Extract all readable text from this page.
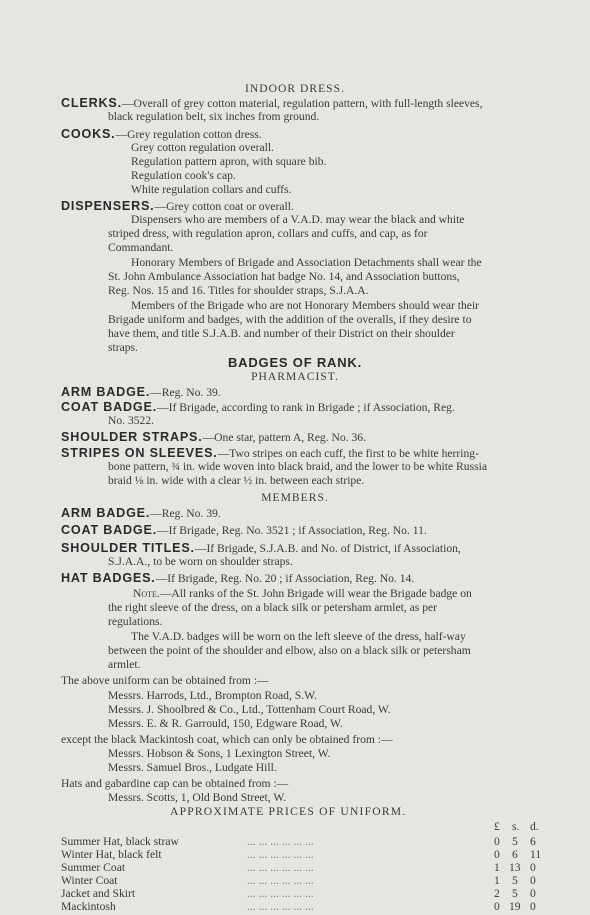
INDOOR DRESS.
CLERKS.—Overall of grey cotton material, regulation pattern, with full-length sleeves,
black regulation belt, six inches from ground.
COOKS.—Grey regulation cotton dress.
Grey cotton regulation overall.
Regulation pattern apron, with square bib.
Regulation cook's cap.
White regulation collars and cuffs.
DISPENSERS.—Grey cotton coat or overall.
Dispensers who are members of a V.A.D. may wear the black and white
striped dress, with regulation apron, collars and cuffs, and cap, as for
Commandant.
Honorary Members of Brigade and Association Detachments shall wear the
St. John Ambulance Association hat badge No. 14, and Association buttons,
Reg. Nos. 15 and 16. Titles for shoulder straps, S.J.A.A.
Members of the Brigade who are not Honorary Members should wear their
Brigade uniform and badges, with the addition of the overalls, if they desire to
have them, and title S.J.A.B. and number of their District on their shoulder
straps.
BADGES OF RANK.
PHARMACIST.
ARM BADGE.—Reg. No. 39.
COAT BADGE.—If Brigade, according to rank in Brigade ; if Association, Reg.
No. 3522.
SHOULDER STRAPS.—One star, pattern A, Reg. No. 36.
STRIPES ON SLEEVES.—Two stripes on each cuff, the first to be white herring-
bone pattern, ¾ in. wide woven into black braid, and the lower to be white Russia
braid ⅛ in. wide with a clear ½ in. between each stripe.
MEMBERS.
ARM BADGE.—Reg. No. 39.
COAT BADGE.—If Brigade, Reg. No. 3521 ; if Association, Reg. No. 11.
SHOULDER TITLES.—If Brigade, S.J.A.B. and No. of District, if Association,
S.J.A.A., to be worn on shoulder straps.
HAT BADGES.—If Brigade, Reg. No. 20 ; if Association, Reg. No. 14.
Note.—All ranks of the St. John Brigade will wear the Brigade badge on
the right sleeve of the dress, on a black silk or petersham armlet, as per
regulations.
The V.A.D. badges will be worn on the left sleeve of the dress, half-way
between the point of the shoulder and elbow, also on a black silk or petersham
armlet.
The above uniform can be obtained from :—
Messrs. Harrods, Ltd., Brompton Road, S.W.
Messrs. J. Shoolbred & Co., Ltd., Tottenham Court Road, W.
Messrs. E. & R. Garrould, 150, Edgware Road, W.
except the black Mackintosh coat, which can only be obtained from :—
Messrs. Hobson & Sons, 1 Lexington Street, W.
Messrs. Samuel Bros., Ludgate Hill.
Hats and gabardine cap can be obtained from :—
Messrs. Scotts, 1, Old Bond Street, W.
APPROXIMATE PRICES OF UNIFORM.
£ s. d.
Summer Hat, black straw	... ... ... ... ... ...	0 5 6
Winter Hat, black felt	... ... ... ... ... ...	0 6 11
Summer Coat	... ... ... ... ... ...	1 13 0
Winter Coat	... ... ... ... ... ...	1 5 0
Jacket and Skirt	... ... ... ... ... ...	2 5 0
Mackintosh	... ... ... ... ... ...	0 19 0
